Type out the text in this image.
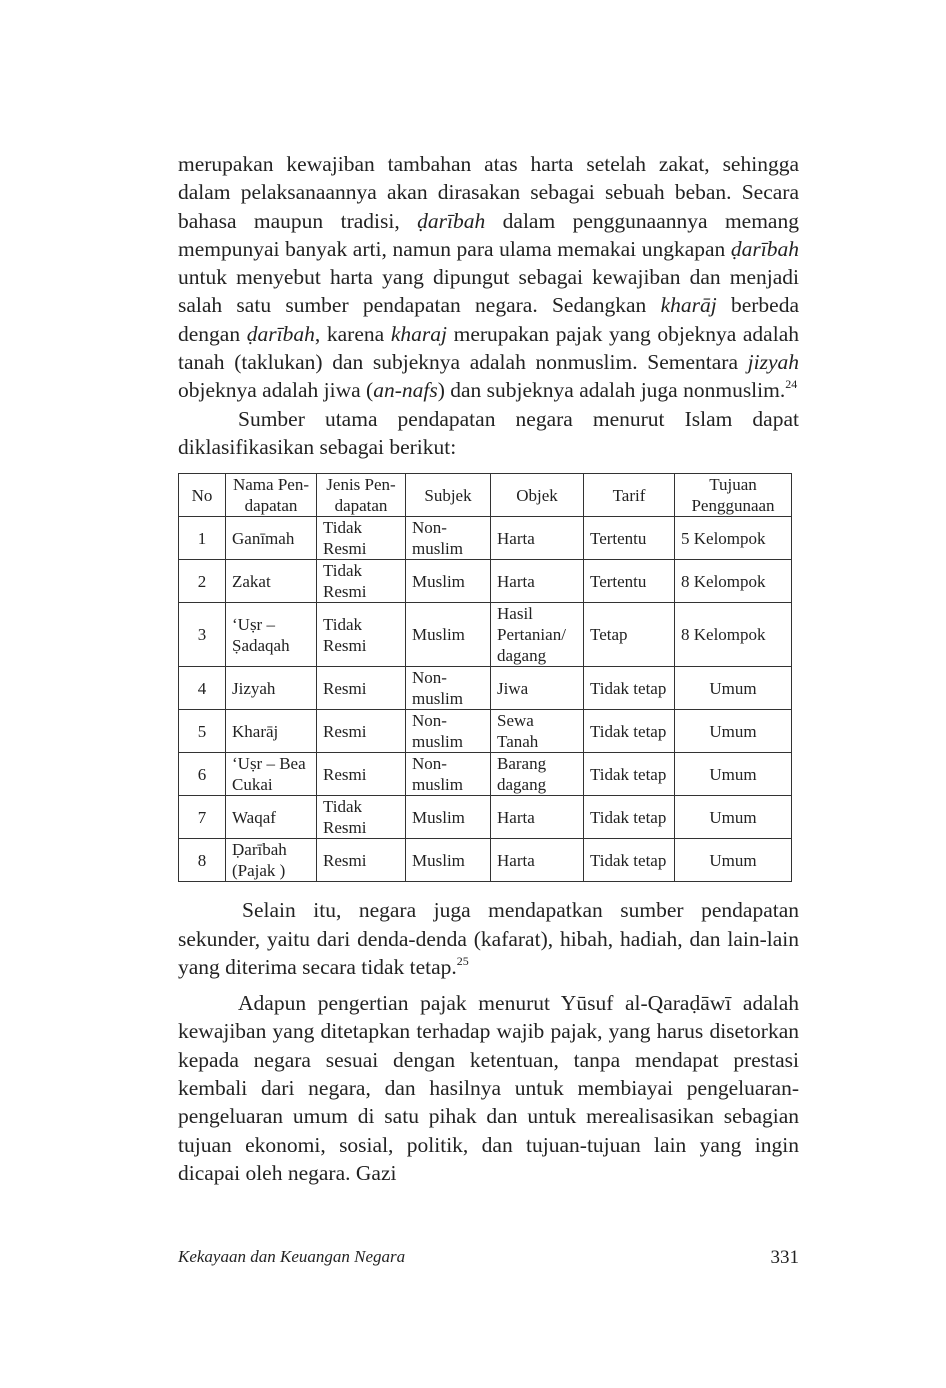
merupakan kewajiban tambahan atas harta setelah zakat, sehingga dalam pelaksanaannya akan dirasakan sebagai sebuah beban. Secara bahasa maupun tradisi, ḍarībah dalam penggunaannya memang mempunyai banyak arti, namun para ulama memakai ungkapan ḍarībah untuk menyebut harta yang dipungut sebagai kewajiban dan menjadi salah satu sumber pendapatan negara. Sedangkan kharāj berbeda dengan ḍarībah, karena kharaj merupakan pajak yang objeknya adalah tanah (taklukan) dan subjeknya adalah nonmuslim. Sementara jizyah objeknya adalah jiwa (an-nafs) dan subjeknya adalah juga nonmuslim.$^{24}$

Sumber utama pendapatan negara menurut Islam dapat diklasifikasikan sebagai berikut:

No	Nama Pen-dapatan	Jenis Pen-dapatan	Subjek	Objek	Tarif	Tujuan Penggunaan
1	Ganīmah	Tidak Resmi	Non-muslim	Harta	Tertentu	5 Kelompok
2	Zakat	Tidak Resmi	Muslim	Harta	Tertentu	8 Kelompok
3	‘Uṣr – Ṣadaqah	Tidak Resmi	Muslim	Hasil Pertanian/ dagang	Tetap	8 Kelompok
4	Jizyah	Resmi	Non-muslim	Jiwa	Tidak tetap	Umum
5	Kharāj	Resmi	Non-muslim	Sewa Tanah	Tidak tetap	Umum
6	‘Uṣr – Bea Cukai	Resmi	Non-muslim	Barang dagang	Tidak tetap	Umum
7	Waqaf	Tidak Resmi	Muslim	Harta	Tidak tetap	Umum
8	Ḍarībah (Pajak )	Resmi	Muslim	Harta	Tidak tetap	Umum

Selain itu, negara juga mendapatkan sumber pendapatan sekunder, yaitu dari denda-denda (kafarat), hibah, hadiah, dan lain-lain yang diterima secara tidak tetap.$^{25}$

Adapun pengertian pajak menurut Yūsuf al-Qaraḍāwī adalah kewajiban yang ditetapkan terhadap wajib pajak, yang harus disetorkan kepada negara sesuai dengan ketentuan, tanpa mendapat prestasi kembali dari negara, dan hasilnya untuk membiayai pengeluaran-pengeluaran umum di satu pihak dan untuk merealisasikan sebagian tujuan ekonomi, sosial, politik, dan tujuan-tujuan lain yang ingin dicapai oleh negara. Gazi

Kekayaan dan Keuangan Negara	331
